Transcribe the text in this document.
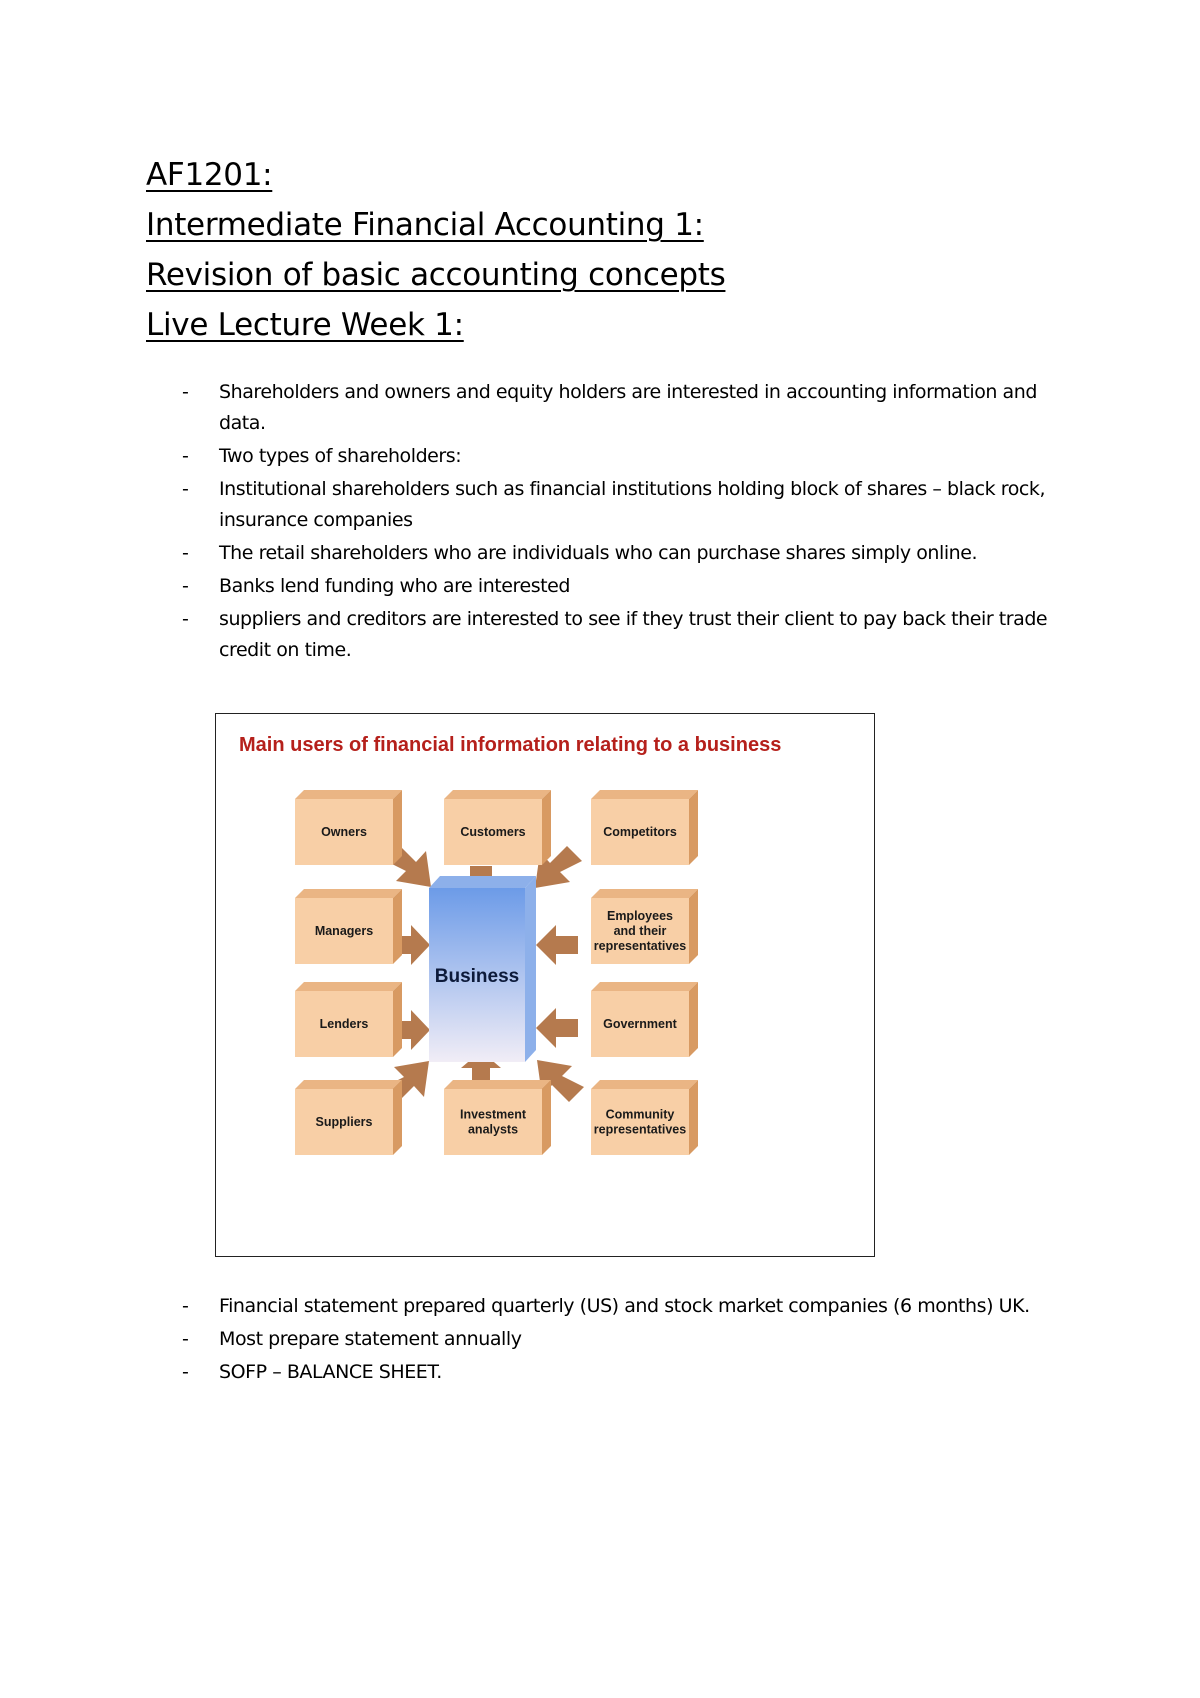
AF1201:
Intermediate Financial Accounting 1:
Revision of basic accounting concepts
Live Lecture Week 1:
- Shareholders and owners and equity holders are interested in accounting information and data.
- Two types of shareholders:
- Institutional shareholders such as financial institutions holding block of shares – black rock, insurance companies
- The retail shareholders who are individuals who can purchase shares simply online.
- Banks lend funding who are interested
- suppliers and creditors are interested to see if they trust their client to pay back their trade credit on time.
Main users of financial information relating to a business
Business
Owners	Customers	Competitors
Managers
Employees
and their
representatives
Lenders	Government
Suppliers
Investment
analysts
Community
representatives
- Financial statement prepared quarterly (US) and stock market companies (6 months) UK.
- Most prepare statement annually
- SOFP – BALANCE SHEET.
